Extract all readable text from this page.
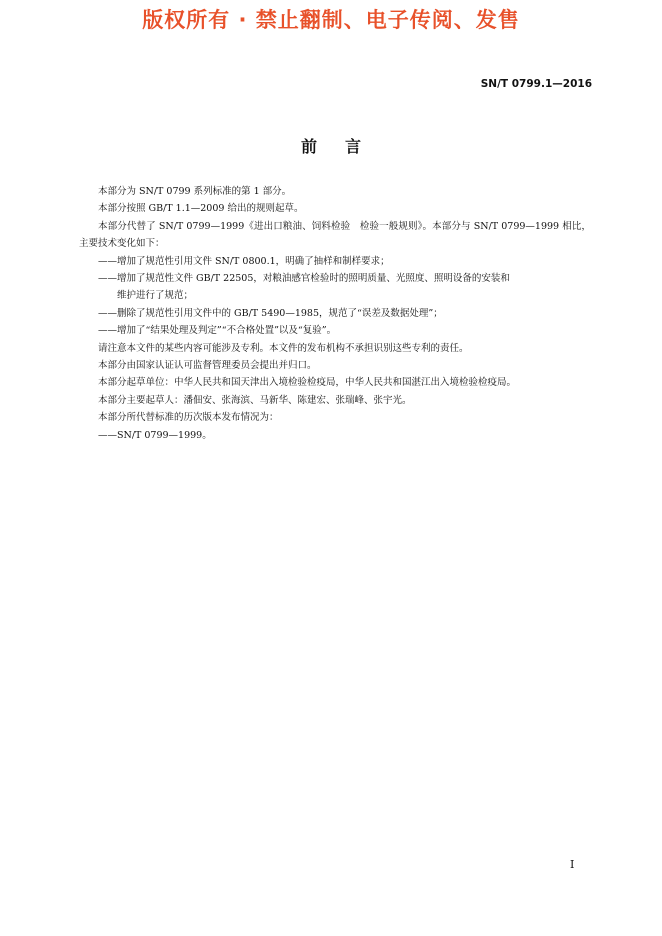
版权所有 · 禁止翻制、电子传阅、发售
SN/T 0799.1—2016
前言

本部分为 SN/T 0799 系列标准的第 1 部分。

本部分按照 GB/T 1.1—2009 给出的规则起草。

本部分代替了 SN/T 0799—1999《进出口粮油、饲料检验　检验一般规则》。本部分与 SN/T 0799—1999 相比，主要技术变化如下：

——增加了规范性引用文件 SN/T 0800.1，明确了抽样和制样要求；
——增加了规范性文件 GB/T 22505，对粮油感官检验时的照明质量、光照度、照明设备的安装和
维护进行了规范；
——删除了规范性引用文件中的 GB/T 5490—1985，规范了“误差及数据处理”；
——增加了“结果处理及判定”“不合格处置”以及“复验”。

请注意本文件的某些内容可能涉及专利。本文件的发布机构不承担识别这些专利的责任。

本部分由国家认证认可监督管理委员会提出并归口。

本部分起草单位：中华人民共和国天津出入境检验检疫局，中华人民共和国湛江出入境检验检疫局。

本部分主要起草人：潘佃安、张海滨、马新华、陈建宏、张瑞峰、张宇光。

本部分所代替标准的历次版本发布情况为：

——SN/T 0799—1999。
I
